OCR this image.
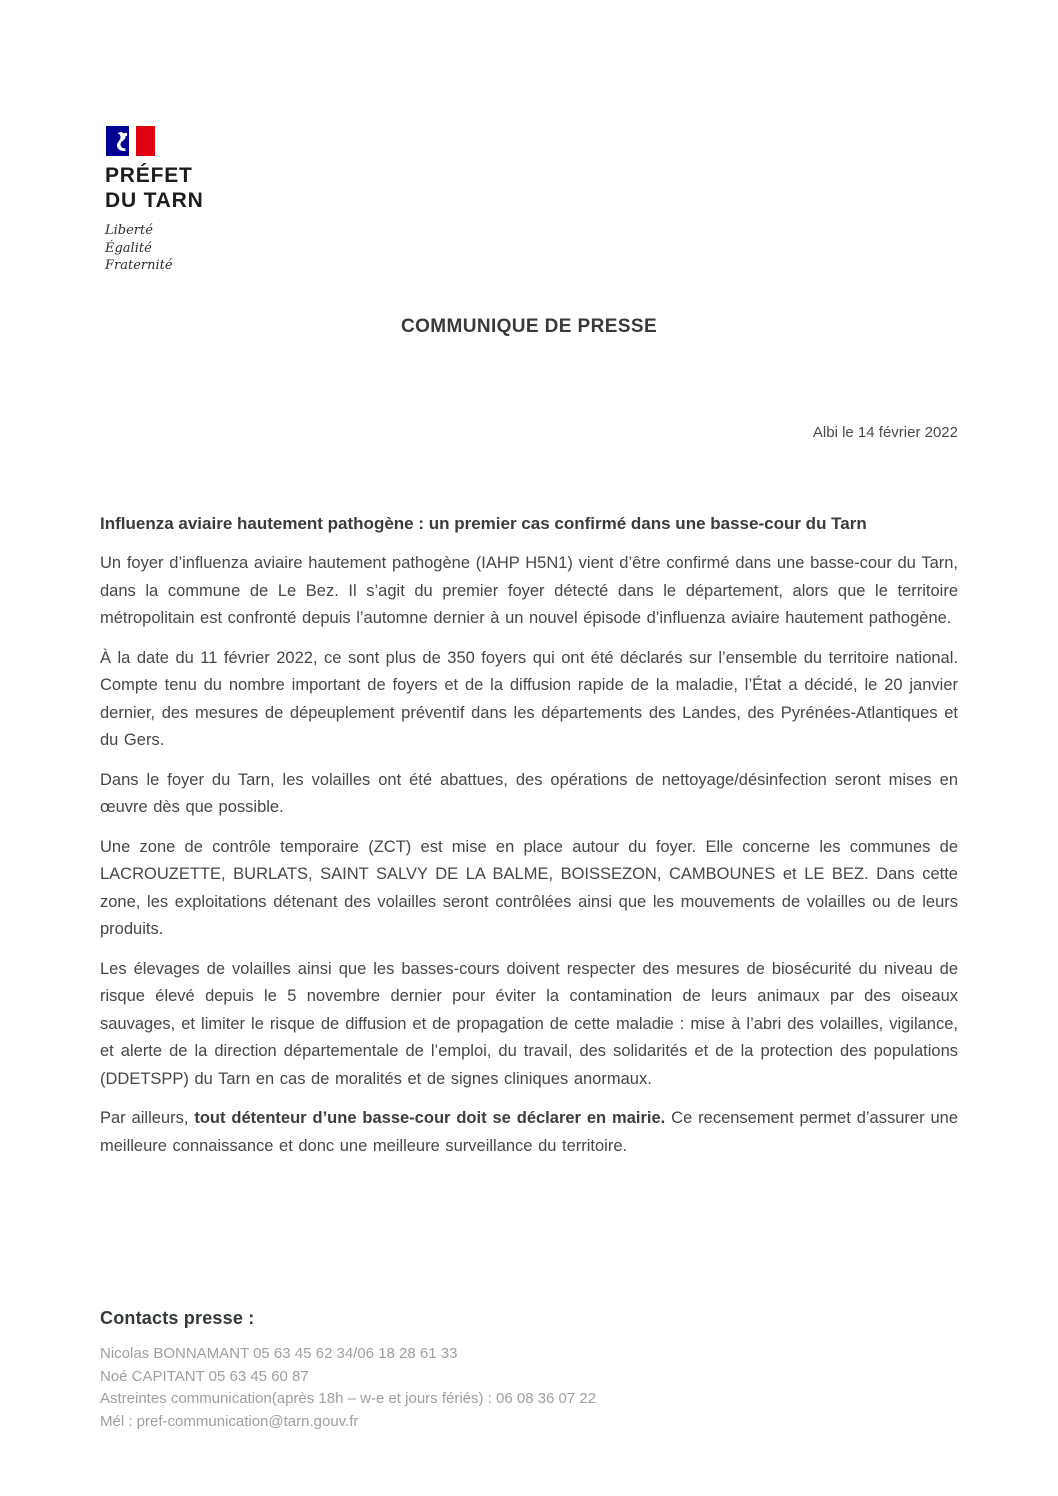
PRÉFET
DU TARN
Liberté
Égalité
Fraternité
COMMUNIQUE DE PRESSE
Albi le 14 février 2022
Influenza aviaire hautement pathogène : un premier cas confirmé dans une basse-cour du Tarn

Un foyer d’influenza aviaire hautement pathogène (IAHP H5N1) vient d’être confirmé dans une basse-cour du Tarn, dans la commune de Le Bez. Il s’agit du premier foyer détecté dans le département, alors que le territoire métropolitain est confronté depuis l’automne dernier à un nouvel épisode d’influenza aviaire hautement pathogène.

À la date du 11 février 2022, ce sont plus de 350 foyers qui ont été déclarés sur l’ensemble du territoire national. Compte tenu du nombre important de foyers et de la diffusion rapide de la maladie, l’État a décidé, le 20 janvier dernier, des mesures de dépeuplement préventif dans les départements des Landes, des Pyrénées-Atlantiques et du Gers.

Dans le foyer du Tarn, les volailles ont été abattues, des opérations de nettoyage/désinfection seront mises en œuvre dès que possible.

Une zone de contrôle temporaire (ZCT) est mise en place autour du foyer. Elle concerne les communes de LACROUZETTE, BURLATS, SAINT SALVY DE LA BALME, BOISSEZON, CAMBOUNES et LE BEZ. Dans cette zone, les exploitations détenant des volailles seront contrôlées ainsi que les mouvements de volailles ou de leurs produits.

Les élevages de volailles ainsi que les basses-cours doivent respecter des mesures de biosécurité du niveau de risque élevé depuis le 5 novembre dernier pour éviter la contamination de leurs animaux par des oiseaux sauvages, et limiter le risque de diffusion et de propagation de cette maladie : mise à l’abri des volailles, vigilance, et alerte de la direction départementale de l’emploi, du travail, des solidarités et de la protection des populations (DDETSPP) du Tarn en cas de moralités et de signes cliniques anormaux.

Par ailleurs, tout détenteur d’une basse-cour doit se déclarer en mairie. Ce recensement permet d’assurer une meilleure connaissance et donc une meilleure surveillance du territoire.

Contacts presse :
Nicolas BONNAMANT 05 63 45 62 34/06 18 28 61 33
Noé CAPITANT 05 63 45 60 87
Astreintes communication(après 18h – w-e et jours fériés) : 06 08 36 07 22
Mél : pref-communication@tarn.gouv.fr
